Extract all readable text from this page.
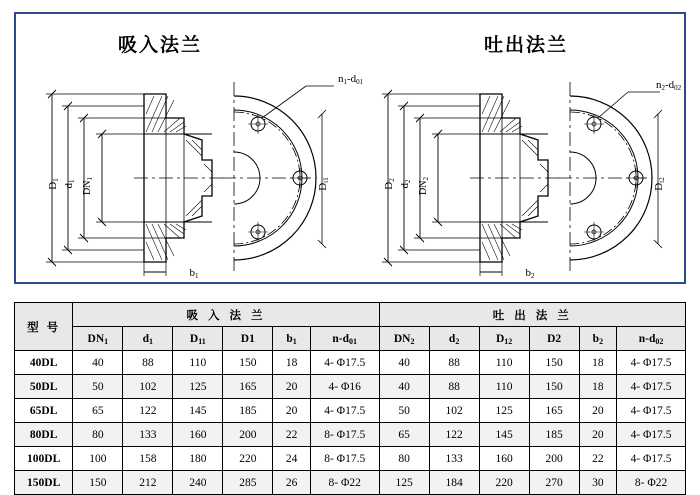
吸入法兰	吐出法兰
D1
d1 $DN_1$
b1
Dt1
n1-d01
D2
d2 $DN_2$
b2
Dt2
n2-d02
型 号	吸 入 法 兰						吐 出 法 兰					
	$DN_1$	$d_1$	$D_{11}$	D1	$b_1$	$n-d_{01}$	$DN_2$	$d_2$	$D_{12}$	D2	$b_2$	$n-d_{02}$
40DL	40	88	110	150	18	4- Φ17.5	40	88	110	150	18	4- Φ17.5
50DL	50	102	125	165	20	4- Φ16	40	88	110	150	18	4- Φ17.5
65DL	65	122	145	185	20	4- Φ17.5	50	102	125	165	20	4- Φ17.5
80DL	80	133	160	200	22	8- Φ17.5	65	122	145	185	20	4- Φ17.5
100DL	100	158	180	220	24	8- Φ17.5	80	133	160	200	22	4- Φ17.5
150DL	150	212	240	285	26	8- Φ22	125	184	220	270	30	8- Φ22
